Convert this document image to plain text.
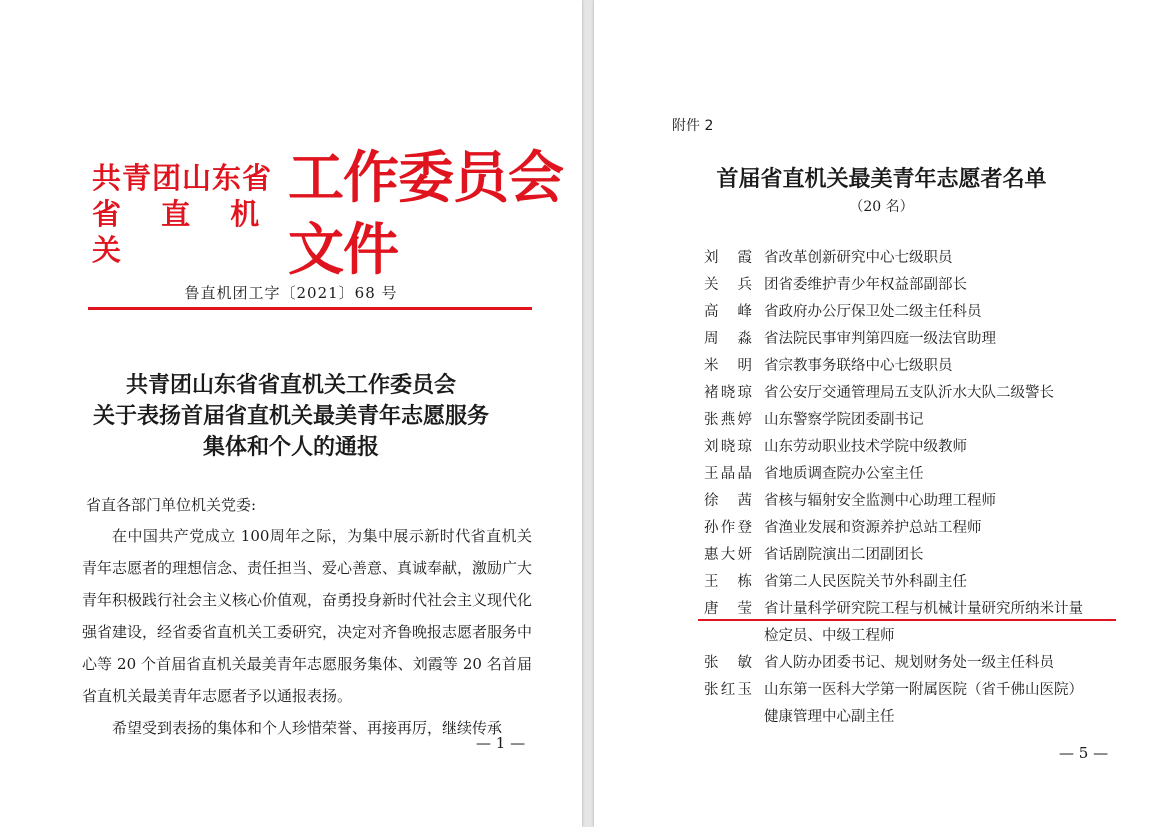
共青团山东省
省 直 机 关
工作委员会文件
鲁直机团工字〔2021〕68 号
共青团山东省省直机关工作委员会
关于表扬首届省直机关最美青年志愿服务
集体和个人的通报
省直各部门单位机关党委:

在中国共产党成立 100周年之际，为集中展示新时代省直机关青年志愿者的理想信念、责任担当、爱心善意、真诚奉献，激励广大青年积极践行社会主义核心价值观，奋勇投身新时代社会主义现代化强省建设，经省委省直机关工委研究，决定对齐鲁晚报志愿者服务中心等 20 个首届省直机关最美青年志愿服务集体、刘霞等 20 名首届省直机关最美青年志愿者予以通报表扬。

希望受到表扬的集体和个人珍惜荣誉、再接再厉，继续传承

— 1 —
附件 2
首届省直机关最美青年志愿者名单
（20 名）
刘霞 省改革创新研究中心七级职员
关兵 团省委维护青少年权益部副部长
高峰 省政府办公厅保卫处二级主任科员
周淼 省法院民事审判第四庭一级法官助理
米明 省宗教事务联络中心七级职员
褚晓琼 省公安厅交通管理局五支队沂水大队二级警长
张燕婷 山东警察学院团委副书记
刘晓琼 山东劳动职业技术学院中级教师
王晶晶 省地质调查院办公室主任
徐茜 省核与辐射安全监测中心助理工程师
孙作登 省渔业发展和资源养护总站工程师
惠大妍 省话剧院演出二团副团长
王栋 省第二人民医院关节外科副主任
唐莹 省计量科学研究院工程与机械计量研究所纳米计量
检定员、中级工程师
张敏 省人防办团委书记、规划财务处一级主任科员
张红玉 山东第一医科大学第一附属医院（省千佛山医院）
健康管理中心副主任
— 5 —
